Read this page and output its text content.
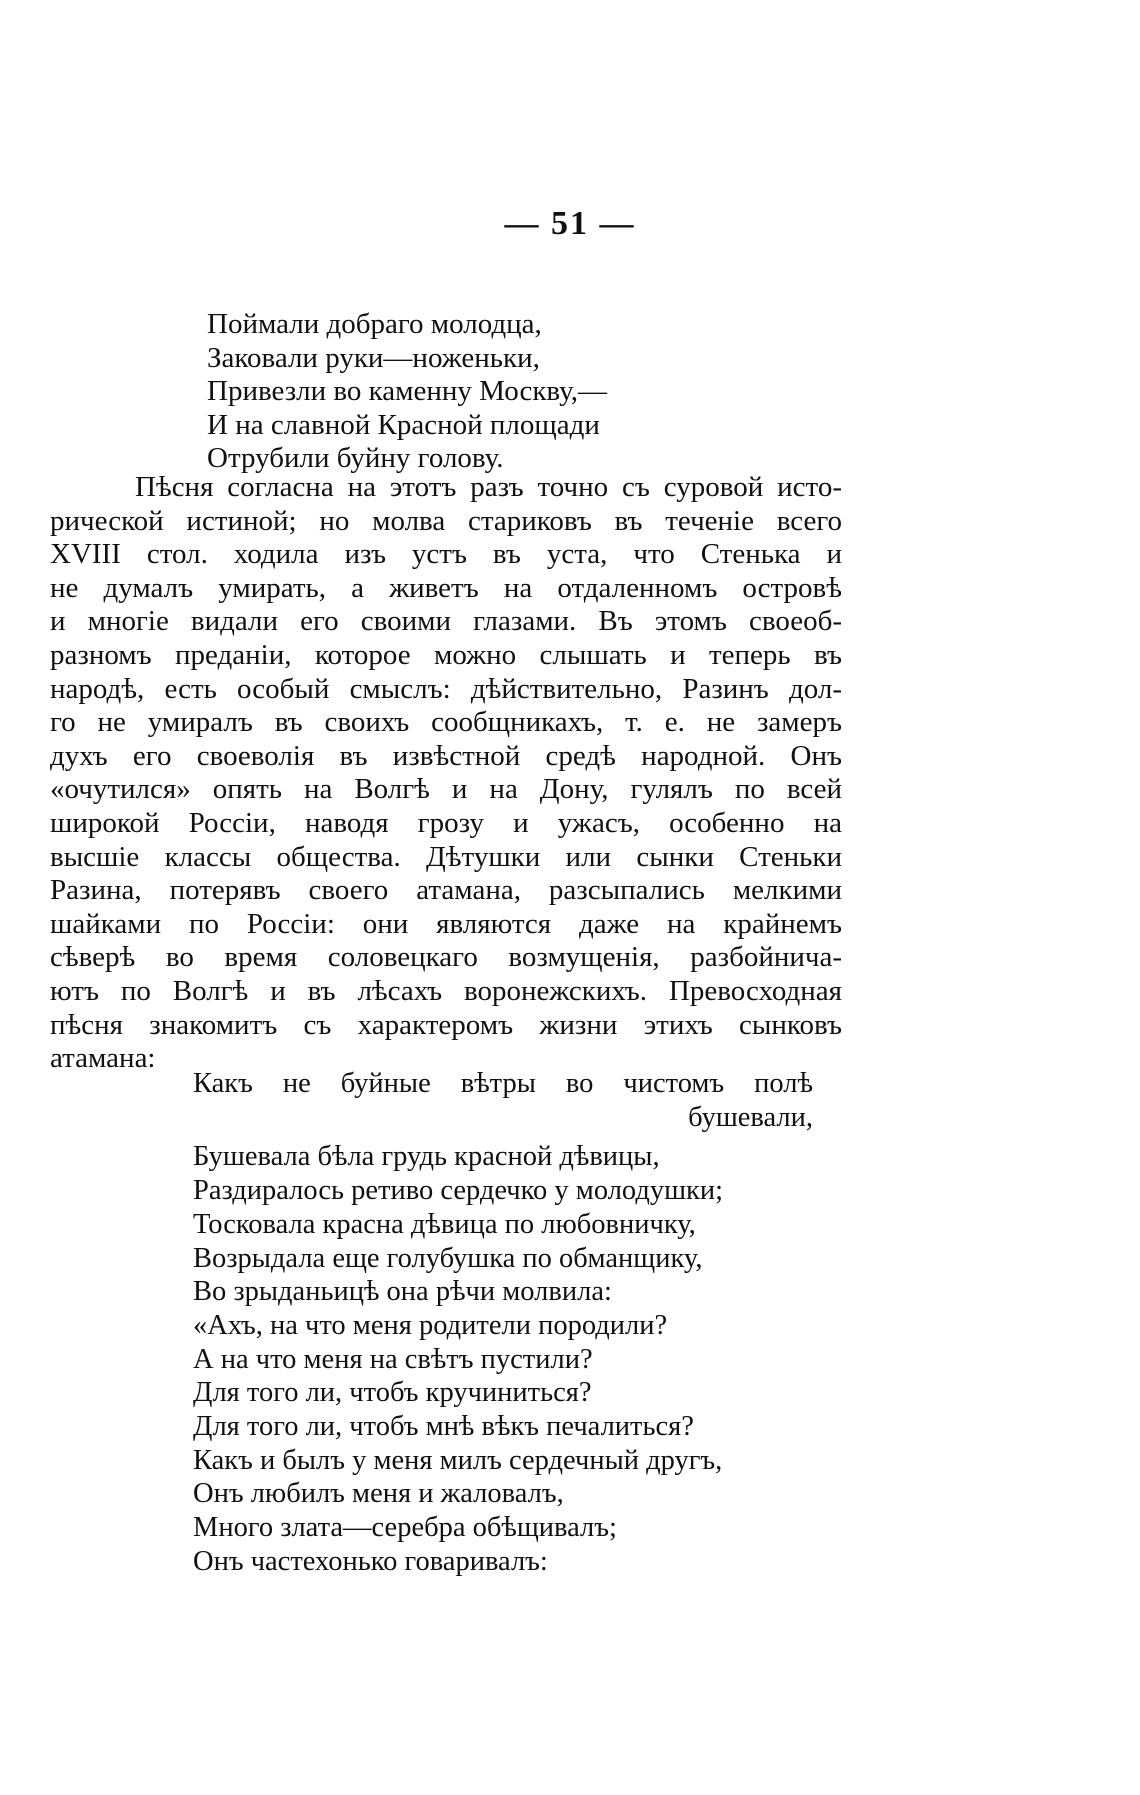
— 51 —
Поймали добраго молодца,
Заковали руки—ноженьки,
Привезли во каменну Москву,—
И на славной Красной площади
Отрубили буйну голову.
Пѣсня согласна на этотъ разъ точно съ суровой исто-
рической истиной; но молва стариковъ въ теченіе всего
XVIII стол. ходила изъ устъ въ уста, что Стенька и
не думалъ умирать, а живетъ на отдаленномъ островѣ
и многіе видали его своими глазами. Въ этомъ своеоб-
разномъ преданіи, которое можно слышать и теперь въ
народѣ, есть особый смыслъ: дѣйствительно, Разинъ дол-
го не умиралъ въ своихъ сообщникахъ, т. е. не замеръ
духъ его своеволія въ извѣстной средѣ народной. Онъ
«очутился» опять на Волгѣ и на Дону, гулялъ по всей
широкой Россіи, наводя грозу и ужасъ, особенно на
высшіе классы общества. Дѣтушки или сынки Стеньки
Разина, потерявъ своего атамана, разсыпались мелкими
шайками по Россіи: они являются даже на крайнемъ
сѣверѣ во время соловецкаго возмущенія, разбойнича-
ютъ по Волгѣ и въ лѣсахъ воронежскихъ. Превосходная
пѣсня знакомитъ съ характеромъ жизни этихъ сынковъ
атамана:
Какъ не буйные вѣтры во чистомъ полѣ
бушевали,
Бушевала бѣла грудь красной дѣвицы,
Раздиралось ретиво сердечко у молодушки;
Тосковала красна дѣвица по любовничку,
Возрыдала еще голубушка по обманщику,
Во зрыданьицѣ она рѣчи молвила:
«Ахъ, на что меня родители породили?
А на что меня на свѣтъ пустили?
Для того ли, чтобъ кручиниться?
Для того ли, чтобъ мнѣ вѣкъ печалиться?
Какъ и былъ у меня милъ сердечный другъ,
Онъ любилъ меня и жаловалъ,
Много злата—серебра обѣщивалъ;
Онъ частехонько говаривалъ:
